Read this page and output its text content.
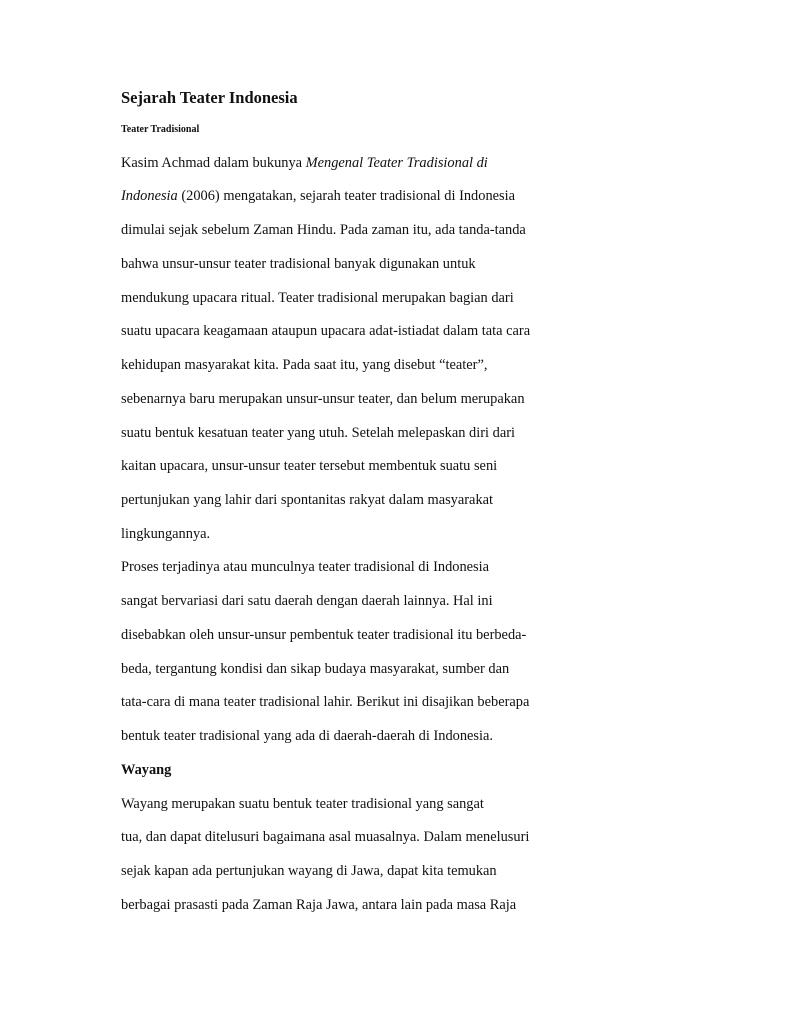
Sejarah Teater Indonesia
Teater Tradisional
Kasim Achmad dalam bukunya Mengenal Teater Tradisional di
Indonesia (2006) mengatakan, sejarah teater tradisional di Indonesia
dimulai sejak sebelum Zaman Hindu. Pada zaman itu, ada tanda-tanda
bahwa unsur-unsur teater tradisional banyak digunakan untuk
mendukung upacara ritual. Teater tradisional merupakan bagian dari
suatu upacara keagamaan ataupun upacara adat-istiadat dalam tata cara
kehidupan masyarakat kita. Pada saat itu, yang disebut “teater”,
sebenarnya baru merupakan unsur-unsur teater, dan belum merupakan
suatu bentuk kesatuan teater yang utuh. Setelah melepaskan diri dari
kaitan upacara, unsur-unsur teater tersebut membentuk suatu seni
pertunjukan yang lahir dari spontanitas rakyat dalam masyarakat
lingkungannya.
Proses terjadinya atau munculnya teater tradisional di Indonesia
sangat bervariasi dari satu daerah dengan daerah lainnya. Hal ini
disebabkan oleh unsur-unsur pembentuk teater tradisional itu berbeda-
beda, tergantung kondisi dan sikap budaya masyarakat, sumber dan
tata-cara di mana teater tradisional lahir. Berikut ini disajikan beberapa
bentuk teater tradisional yang ada di daerah-daerah di Indonesia.
Wayang
Wayang merupakan suatu bentuk teater tradisional yang sangat
tua, dan dapat ditelusuri bagaimana asal muasalnya. Dalam menelusuri
sejak kapan ada pertunjukan wayang di Jawa, dapat kita temukan
berbagai prasasti pada Zaman Raja Jawa, antara lain pada masa Raja
